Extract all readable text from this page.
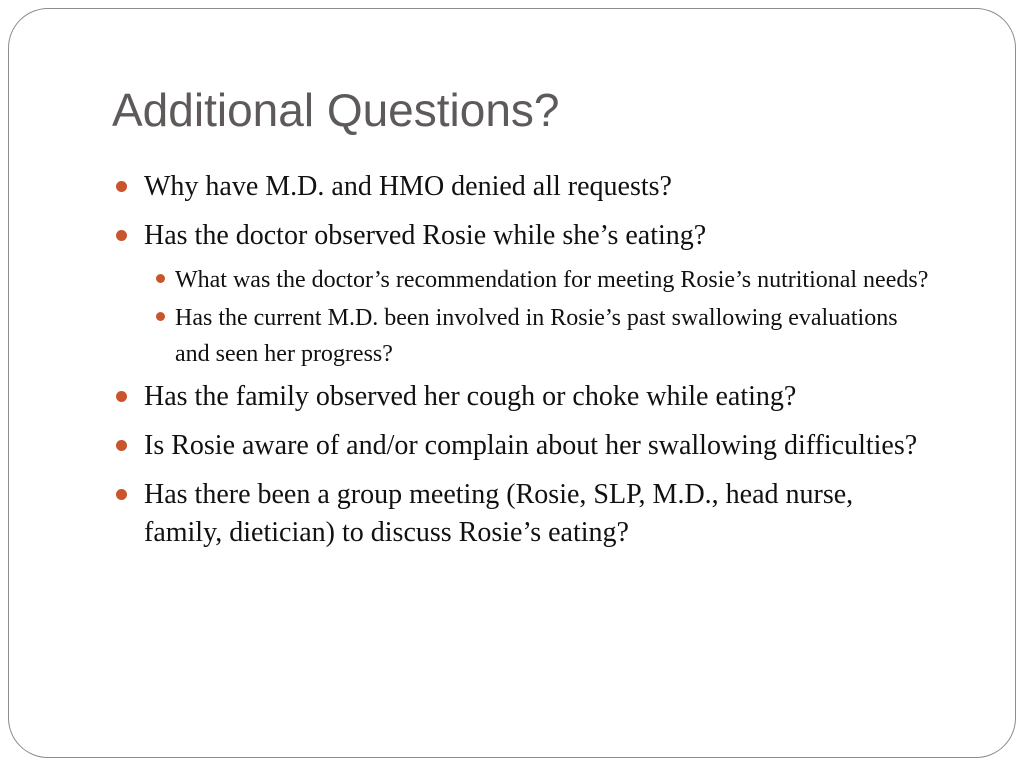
Additional Questions?
Why have M.D. and HMO denied all requests?
Has the doctor observed Rosie while she’s eating?
What was the doctor’s recommendation for meeting Rosie’s nutritional needs?
Has the current M.D. been involved in Rosie’s past swallowing evaluations and seen her progress?
Has the family observed her cough or choke while eating?
Is Rosie aware of and/or complain about her swallowing difficulties?
Has there been a group meeting (Rosie, SLP, M.D., head nurse, family, dietician) to discuss Rosie’s eating?
